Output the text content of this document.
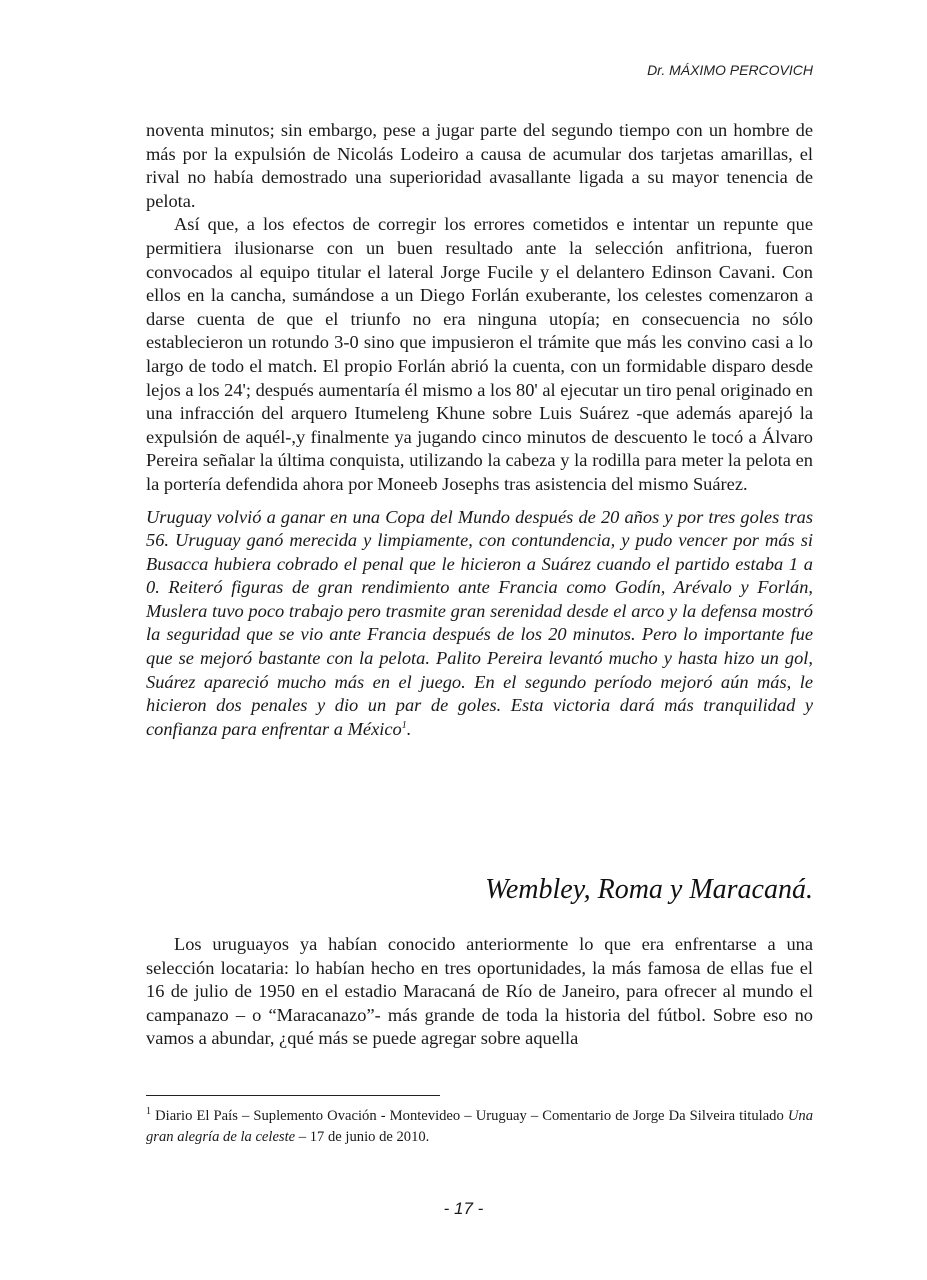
Dr. MÁXIMO PERCOVICH

noventa minutos; sin embargo, pese a jugar parte del segundo tiempo con un hombre de más por la expulsión de Nicolás Lodeiro a causa de acumular dos tarjetas amarillas, el rival no había demostrado una superioridad avasallante ligada a su mayor tenencia de pelota.

Así que, a los efectos de corregir los errores cometidos e intentar un repunte que permitiera ilusionarse con un buen resultado ante la selección anfitriona, fueron convocados al equipo titular el lateral Jorge Fucile y el delantero Edinson Cavani. Con ellos en la cancha, sumándose a un Diego Forlán exuberante, los celestes comenzaron a darse cuenta de que el triunfo no era ninguna utopía; en consecuencia no sólo establecieron un rotundo 3-0 sino que impusieron el trámite que más les convino casi a lo largo de todo el match. El propio Forlán abrió la cuenta, con un formidable disparo desde lejos a los 24'; después aumentaría él mismo a los 80' al ejecutar un tiro penal originado en una infracción del arquero Itumeleng Khune sobre Luis Suárez -que además aparejó la expulsión de aquél-,y finalmente ya jugando cinco minutos de descuento le tocó a Álvaro Pereira señalar la última conquista, utilizando la cabeza y la rodilla para meter la pelota en la portería defendida ahora por Moneeb Josephs tras asistencia del mismo Suárez.

Uruguay volvió a ganar en una Copa del Mundo después de 20 años y por tres goles tras 56. Uruguay ganó merecida y limpiamente, con contundencia, y pudo vencer por más si Busacca hubiera cobrado el penal que le hicieron a Suárez cuando el partido estaba 1 a 0. Reiteró figuras de gran rendimiento ante Francia como Godín, Arévalo y Forlán, Muslera tuvo poco trabajo pero trasmite gran serenidad desde el arco y la defensa mostró la seguridad que se vio ante Francia después de los 20 minutos. Pero lo importante fue que se mejoró bastante con la pelota. Palito Pereira levantó mucho y hasta hizo un gol, Suárez apareció mucho más en el juego. En el segundo período mejoró aún más, le hicieron dos penales y dio un par de goles. Esta victoria dará más tranquilidad y confianza para enfrentar a México$^1$.

Wembley, Roma y Maracaná.

Los uruguayos ya habían conocido anteriormente lo que era enfrentarse a una selección locataria: lo habían hecho en tres oportunidades, la más famosa de ellas fue el 16 de julio de 1950 en el estadio Maracaná de Río de Janeiro, para ofrecer al mundo el campanazo – o “Maracanazo”- más grande de toda la historia del fútbol. Sobre eso no vamos a abundar, ¿qué más se puede agregar sobre aquella

$^1$ Diario El País – Suplemento Ovación - Montevideo – Uruguay – Comentario de Jorge Da Silveira titulado Una gran alegría de la celeste – 17 de junio de 2010.
- 17 -
